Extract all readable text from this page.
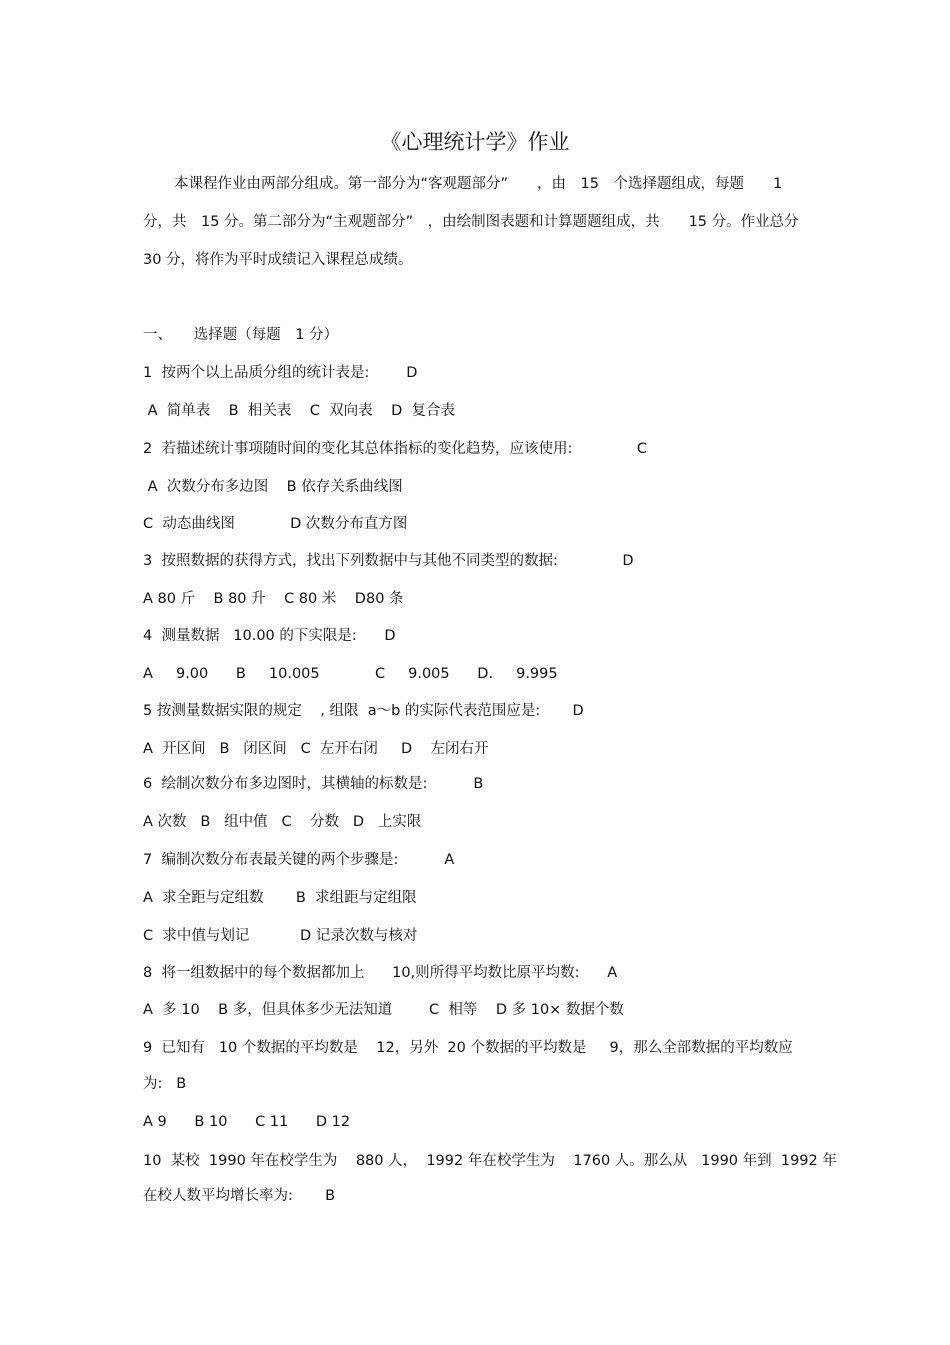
《心理统计学》作业

本课程作业由两部分组成。第一部分为“客观题部分”　　，由　15　个选择题组成，每题　　1　分，共　15 分。第二部分为“主观题部分”　，由绘制图表题和计算题题组成，共　　15 分。作业总分　30 分，将作为平时成绩记入课程总成绩。

一、　　选择题（每题　1 分）
1  按两个以上品质分组的统计表是:        D
A  简单表    B  相关表    C  双向表    D  复合表
2  若描述统计事项随时间的变化其总体指标的变化趋势，应该使用:              C
A  次数分布多边图    B 依存关系曲线图
C  动态曲线图            D 次数分布直方图
3  按照数据的获得方式，找出下列数据中与其他不同类型的数据:              D
A 80 斤    B 80 升    C 80 米    D80 条
4  测量数据   10.00 的下实限是:      D
A     9.00      B     10.005            C     9.005      D.     9.995
5 按测量数据实限的规定    , 组限  a～b 的实际代表范围应是:       D
A  开区间   B   闭区间   C  左开右闭     D    左闭右开
6  绘制次数分布多边图时，其横轴的标数是:          B
A 次数   B   组中值   C    分数   D   上实限
7  编制次数分布表最关键的两个步骤是:          A
A  求全距与定组数       B  求组距与定组限
C  求中值与划记           D 记录次数与核对
8  将一组数据中的每个数据都加上      10,则所得平均数比原平均数:      A
A  多 10    B 多，但具体多少无法知道        C  相等    D 多 10× 数据个数
9  已知有   10 个数据的平均数是    12，另外  20 个数据的平均数是     9，那么全部数据的平均数应
为:   B
A 9      B 10      C 11      D 12
10  某校  1990 年在校学生为    880 人，  1992 年在校学生为    1760 人。那么从   1990 年到  1992 年
在校人数平均增长率为:       B
